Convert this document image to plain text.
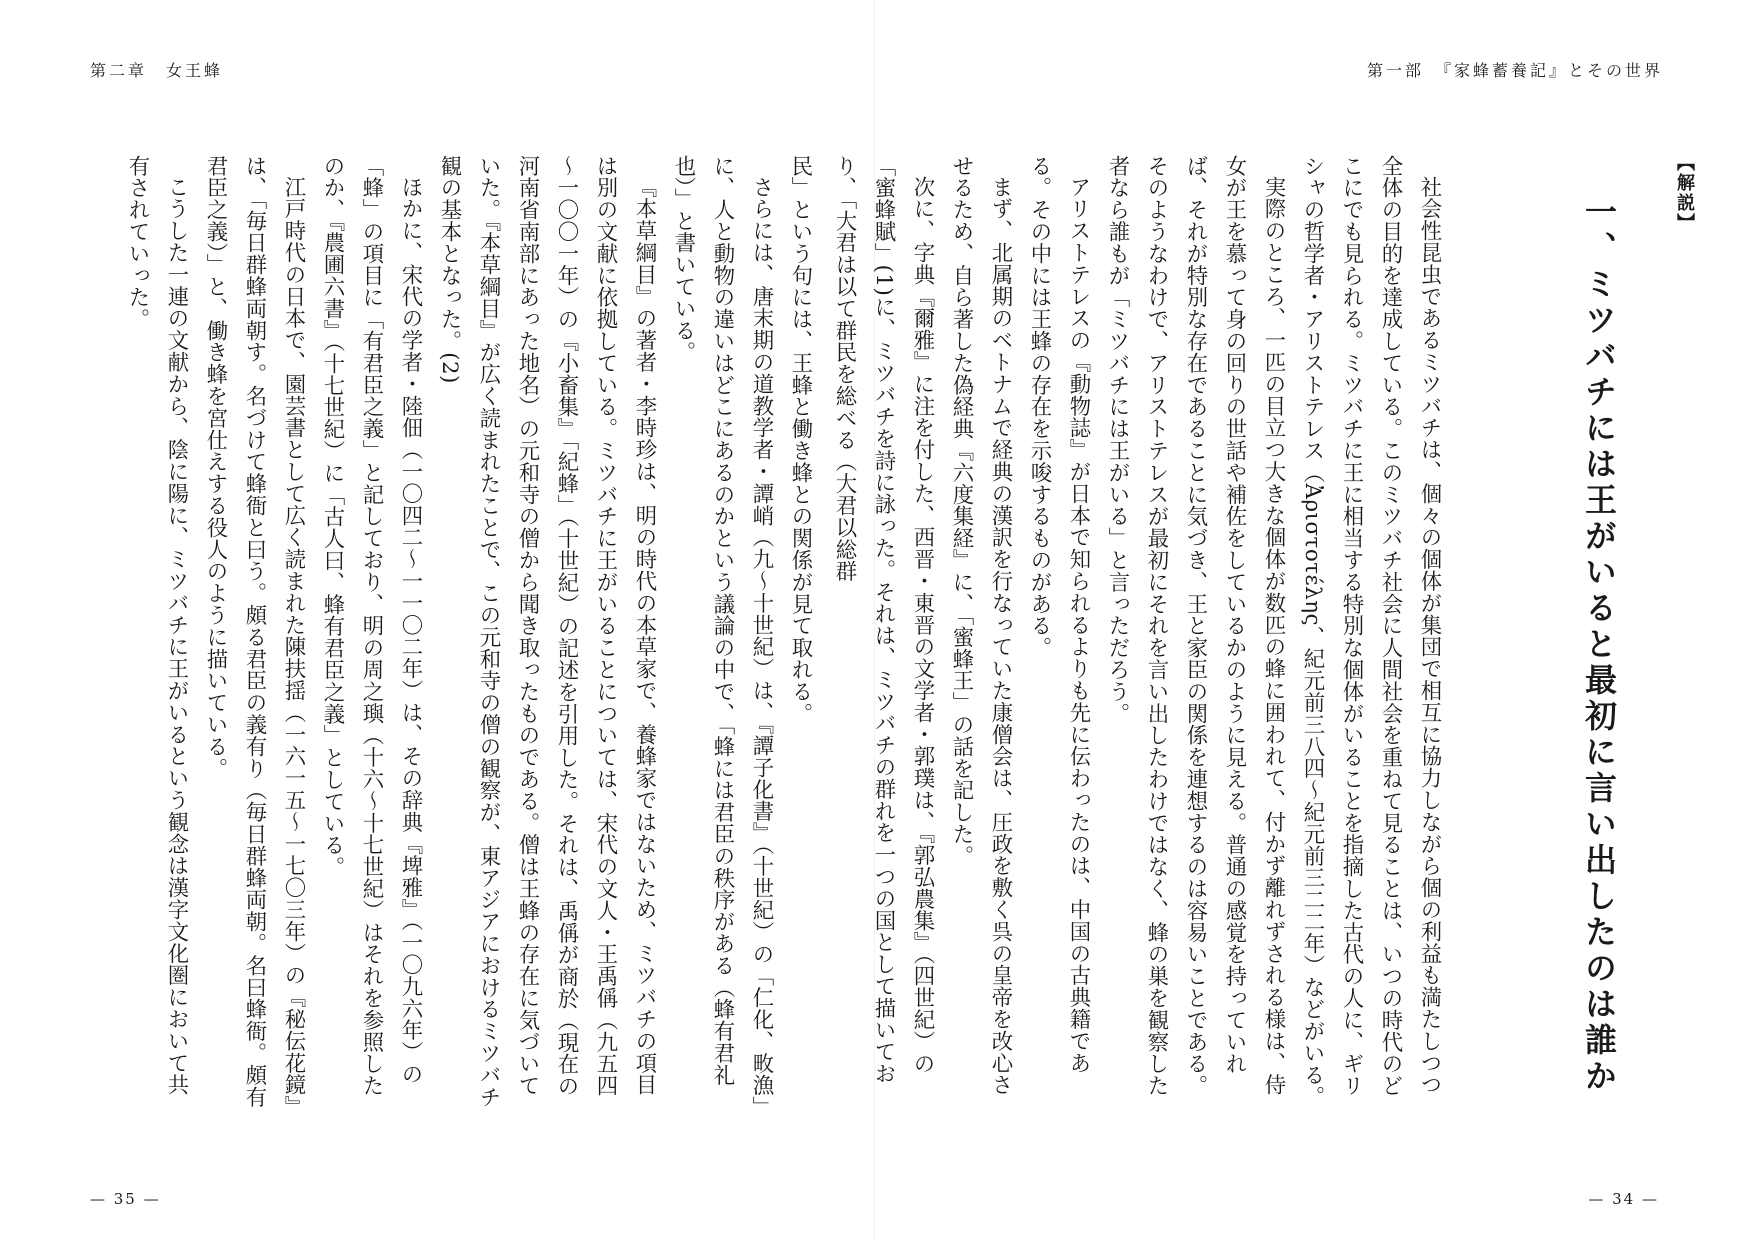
第二章　女王蜂

民」という句には、王蜂と働き蜂との関係が見て取れる。

さらには、唐末期の道教学者・譚峭（九～十世紀）は、『譚子化書』（十世紀）の「仁化、畋漁」に、人と動物の違いはどこにあるのかという議論の中で、「蜂には君臣の秩序がある（蜂有君礼也）」と書いている。

『本草綱目』の著者・李時珍は、明の時代の本草家で、養蜂家ではないため、ミツバチの項目は別の文献に依拠している。ミツバチに王がいることについては、宋代の文人・王禹偁（九五四～一〇〇一年）の『小畜集』「紀蜂」（十世紀）の記述を引用した。それは、禹偁が商於（現在の河南省南部にあった地名）の元和寺の僧から聞き取ったものである。僧は王蜂の存在に気づいていた。『本草綱目』が広く読まれたことで、この元和寺の僧の観察が、東アジアにおけるミツバチ観の基本となった。(2)

ほかに、宋代の学者・陸佃（一〇四二～一一〇二年）は、その辞典『埤雅』（一〇九六年）の「蜂」の項目に「有君臣之義」と記しており、明の周之璵（十六～十七世紀）はそれを参照したのか、『農圃六書』（十七世紀）に「古人曰、蜂有君臣之義」としている。

江戸時代の日本で、園芸書として広く読まれた陳扶揺（一六一五～一七〇三年）の『秘伝花鏡』は、「毎日群蜂両朝す。名づけて蜂衙と曰う。頗る君臣の義有り（毎日群蜂両朝。名曰蜂衙。頗有君臣之義）」と、働き蜂を宮仕えする役人のように描いている。

こうした一連の文献から、陰に陽に、ミツバチに王がいるという観念は漢字文化圏において共有されていった。

— 35 —
第一部　『家蜂蓄養記』とその世界
【解説】
一、ミツバチには王がいると最初に言い出したのは誰か

社会性昆虫であるミツバチは、個々の個体が集団で相互に協力しながら個の利益も満たしつつ全体の目的を達成している。このミツバチ社会に人間社会を重ねて見ることは、いつの時代のどこにでも見られる。ミツバチに王に相当する特別な個体がいることを指摘した古代の人に、ギリシャの哲学者・アリストテレス（Ἀριστοτέλης、紀元前三八四～紀元前三二二年）などがいる。

実際のところ、一匹の目立つ大きな個体が数匹の蜂に囲われて、付かず離れずされる様は、侍女が王を慕って身の回りの世話や補佐をしているかのように見える。普通の感覚を持っていれば、それが特別な存在であることに気づき、王と家臣の関係を連想するのは容易いことである。そのようなわけで、アリストテレスが最初にそれを言い出したわけではなく、蜂の巣を観察した者なら誰もが「ミツバチには王がいる」と言っただろう。

アリストテレスの『動物誌』が日本で知られるよりも先に伝わったのは、中国の古典籍である。その中には王蜂の存在を示唆するものがある。

まず、北属期のベトナムで経典の漢訳を行なっていた康僧会は、圧政を敷く呉の皇帝を改心させるため、自ら著した偽経典『六度集経』に、「蜜蜂王」の話を記した。

次に、字典『爾雅』に注を付した、西晋・東晋の文学者・郭璞は、『郭弘農集』（四世紀）の「蜜蜂賦」(1)に、ミツバチを詩に詠った。それは、ミツバチの群れを一つの国として描いており、「大君は以て群民を総べる（大君以総群

— 34 —
